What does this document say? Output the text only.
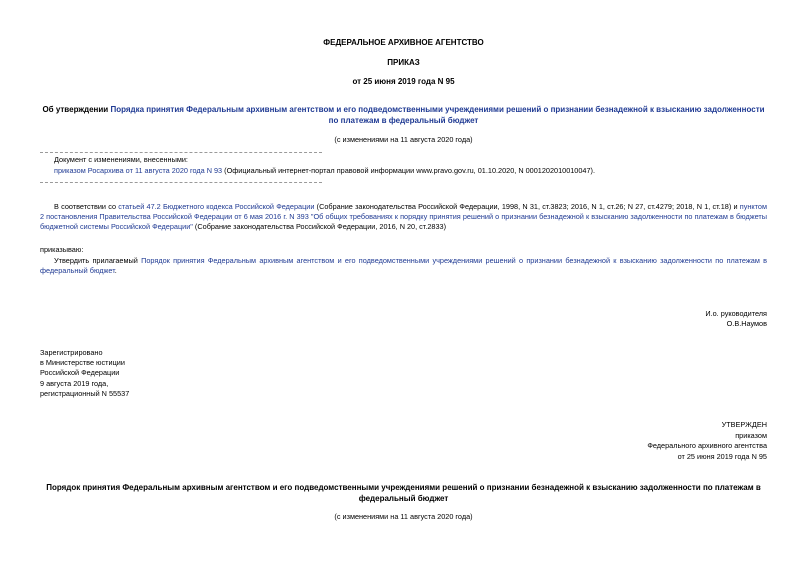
ФЕДЕРАЛЬНОЕ АРХИВНОЕ АГЕНТСТВО
ПРИКАЗ
от 25 июня 2019 года N 95
Об утверждении Порядка принятия Федеральным архивным агентством и его подведомственными учреждениями решений о признании безнадежной к взысканию задолженности по платежам в федеральный бюджет
(с изменениями на 11 августа 2020 года)
Документ с изменениями, внесенными:
приказом Росархива от 11 августа 2020 года N 93 (Официальный интернет-портал правовой информации www.pravo.gov.ru, 01.10.2020, N 0001202010010047).
В соответствии со статьей 47.2 Бюджетного кодекса Российской Федерации (Собрание законодательства Российской Федерации, 1998, N 31, ст.3823; 2016, N 1, ст.26; N 27, ст.4279; 2018, N 1, ст.18) и пунктом 2 постановления Правительства Российской Федерации от 6 мая 2016 г. N 393 "Об общих требованиях к порядку принятия решений о признании безнадежной к взысканию задолженности по платежам в бюджеты бюджетной системы Российской Федерации" (Собрание законодательства Российской Федерации, 2016, N 20, ст.2833)
приказываю:
Утвердить прилагаемый Порядок принятия Федеральным архивным агентством и его подведомственными учреждениями решений о признании безнадежной к взысканию задолженности по платежам в федеральный бюджет.
И.о. руководителя
О.В.Наумов
Зарегистрировано
в Министерстве юстиции
Российской Федерации
9 августа 2019 года,
регистрационный N 55537
УТВЕРЖДЕН
приказом
Федерального архивного агентства
от 25 июня 2019 года N 95
Порядок принятия Федеральным архивным агентством и его подведомственными учреждениями решений о признании безнадежной к взысканию задолженности по платежам в федеральный бюджет
(с изменениями на 11 августа 2020 года)
